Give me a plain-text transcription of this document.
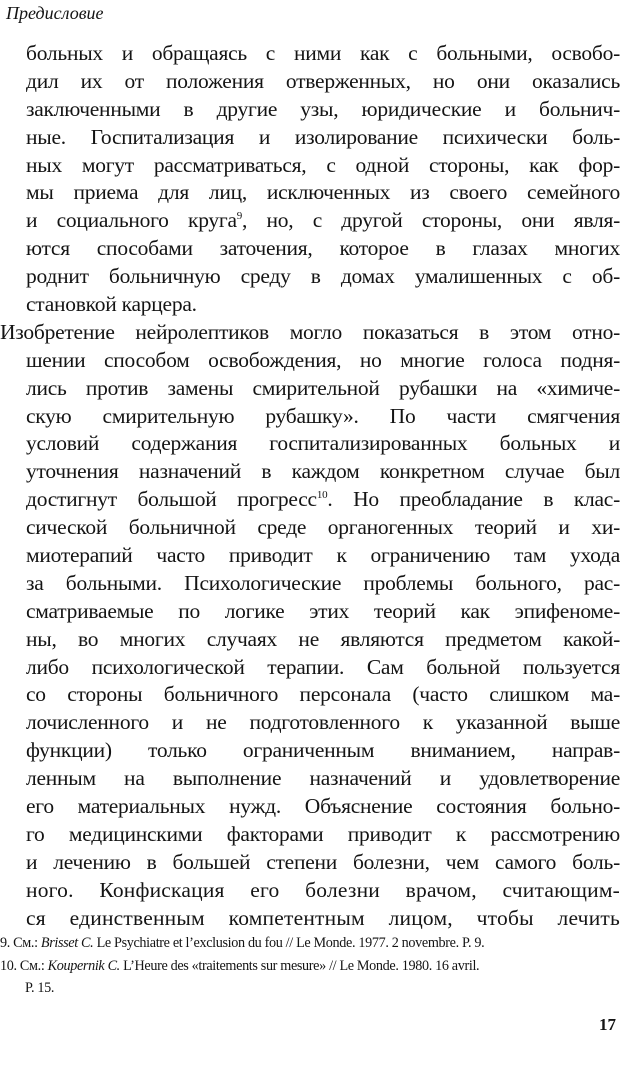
Предисловие
больных и обращаясь с ними как с больными, освобо-
дил их от положения отверженных, но они оказались
заключенными в другие узы, юридические и больнич-
ные. Госпитализация и изолирование психически боль-
ных могут рассматриваться, с одной стороны, как фор-
мы приема для лиц, исключенных из своего семейного
и социального круга$^9$, но, с другой стороны, они явля-
ются способами заточения, которое в глазах многих
роднит больничную среду в домах умалишенных с об-
становкой карцера.
Изобретение нейролептиков могло показаться в этом отно-
шении способом освобождения, но многие голоса подня-
лись против замены смирительной рубашки на «химиче-
скую смирительную рубашку». По части смягчения
условий содержания госпитализированных больных и
уточнения назначений в каждом конкретном случае был
достигнут большой прогресс$^{10}$. Но преобладание в клас-
сической больничной среде органогенных теорий и хи-
миотерапий часто приводит к ограничению там ухода
за больными. Психологические проблемы больного, рас-
сматриваемые по логике этих теорий как эпифеноме-
ны, во многих случаях не являются предметом какой-
либо психологической терапии. Сам больной пользуется
со стороны больничного персонала (часто слишком ма-
лочисленного и не подготовленного к указанной выше
функции) только ограниченным вниманием, направ-
ленным на выполнение назначений и удовлетворение
его материальных нужд. Объяснение состояния больно-
го медицинскими факторами приводит к рассмотрению
и лечению в большей степени болезни, чем самого боль-
ного. Конфискация его болезни врачом, считающим-
ся единственным компетентным лицом, чтобы лечить
9. См.: Brisset C. Le Psychiatre et l’exclusion du fou // Le Monde. 1977. 2 novembre. P. 9.
10. См.: Koupernik C. L’Heure des «traitements sur mesure» // Le Monde. 1980. 16 avril.
P. 15.
17
